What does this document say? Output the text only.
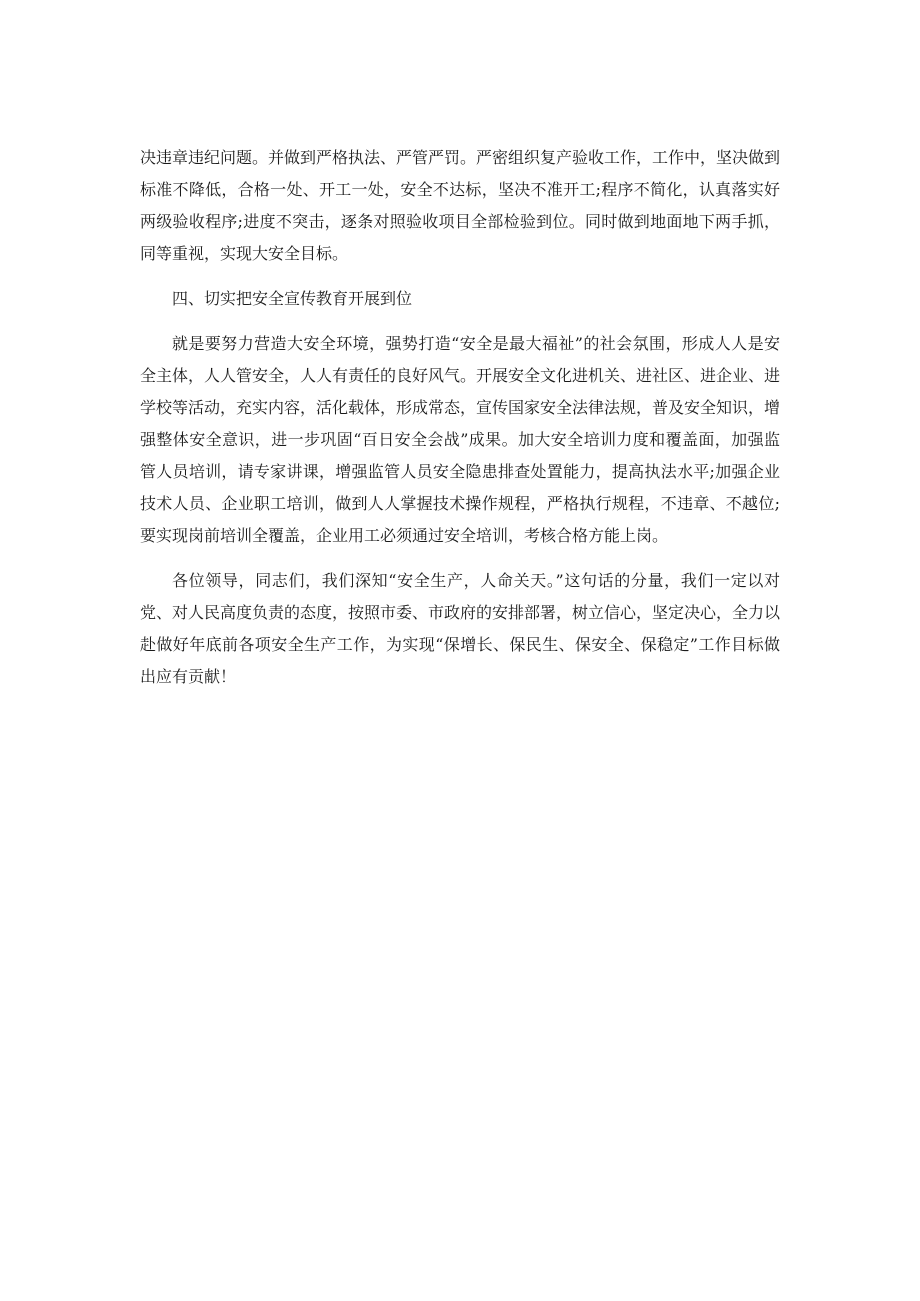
决违章违纪问题。并做到严格执法、严管严罚。严密组织复产验收工作，工作中，坚决做到标准不降低，合格一处、开工一处，安全不达标，坚决不准开工;程序不简化，认真落实好两级验收程序;进度不突击，逐条对照验收项目全部检验到位。同时做到地面地下两手抓，同等重视，实现大安全目标。

四、切实把安全宣传教育开展到位

就是要努力营造大安全环境，强势打造“安全是最大福祉”的社会氛围，形成人人是安全主体，人人管安全，人人有责任的良好风气。开展安全文化进机关、进社区、进企业、进学校等活动，充实内容，活化载体，形成常态，宣传国家安全法律法规，普及安全知识，增强整体安全意识，进一步巩固“百日安全会战”成果。加大安全培训力度和覆盖面，加强监管人员培训，请专家讲课，增强监管人员安全隐患排查处置能力，提高执法水平;加强企业技术人员、企业职工培训，做到人人掌握技术操作规程，严格执行规程，不违章、不越位;要实现岗前培训全覆盖，企业用工必须通过安全培训，考核合格方能上岗。

各位领导，同志们，我们深知“安全生产，人命关天。”这句话的分量，我们一定以对党、对人民高度负责的态度，按照市委、市政府的安排部署，树立信心，坚定决心，全力以赴做好年底前各项安全生产工作，为实现“保增长、保民生、保安全、保稳定”工作目标做出应有贡献！
